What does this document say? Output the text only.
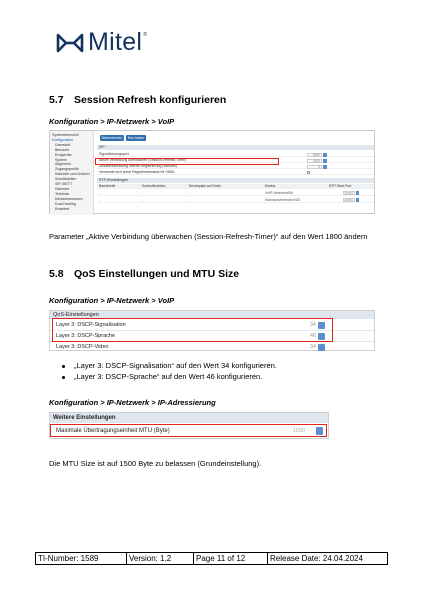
Mitel ®
5.7 Session Refresh konfigurieren
Konfiguration > IP-Netzwerk > VoIP
Systemübersicht
Konfiguration
Übersicht
Benutzer
Endgeräte
System
Allgemein
Zugangsprofile
Kalender und Notizen
Schnittstellen
SIP-SIETT
Kalender
Telefonie
Mediaressourcen
Dual Homing
Erweitert
Übernehmen	Neu laden
SIP
Signalisierungsport	5060
Aktive Verbindung überwachen (Session-Refresh-Timer)	1800
Zeitüberschreitung interne Registrierung (Minuten)	5
Verwende sich sonst Registrierbestand für SIMG
RTP-Einstellungen
Bandbreite	Kontrollfunktion	Sendeplatz auf Karte	Modus	RTP-Start-Port
-	-	-	VoIP-Netzwerk/BA	40000
-	-	-	Standardverbinder/VAS	40000
Parameter „Aktive Verbindung überwachen (Session-Refresh-Timer)“ auf den Wert 1800 ändern
5.8 QoS Einstellungen und MTU Size
Konfiguration > IP-Netzwerk > VoIP
QoS-Einstellungen
Layer 3: DSCP-Signalisation	34
Layer 3: DSCP-Sprache	46
Layer 3: DSCP-Video	34
„Layer 3: DSCP-Signalisation“ auf den Wert 34 konfigurieren.
„Layer 3: DSCP-Sprache“ auf den Wert 46 konfigurieren.
Konfiguration > IP-Netzwerk > IP-Adressierung
Weitere Einstellungen
Maximale Übertragungseinheit MTU (Byte)	1500
Die MTU Size ist auf 1500 Byte zu belassen (Grundeinstellung).
TI-Number: 1589	Version: 1.2	Page 11 of 12	Release Date: 24.04.2024
